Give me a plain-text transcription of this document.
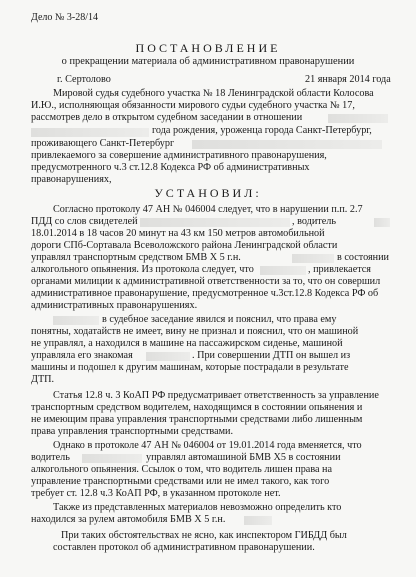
Дело № 3-28/14
ПОСТАНОВЛЕНИЕ
о прекращении материала об административном правонарушении
г. Сертолово	21 января 2014 года
Мировой судья судебного участка № 18 Ленинградской области Колосова
И.Ю., исполняющая обязанности мирового судьи судебного участка № 17,
рассмотрев дело в открытом судебном заседании в отношении
года рождения, уроженца города Санкт-Петербург,
проживающего Санкт-Петербург
привлекаемого за совершение административного правонарушения,
предусмотренного ч.3 ст.12.8 Кодекса РФ об административных
правонарушениях,
УСТАНОВИЛ:
Согласно протоколу 47 АН № 046004 следует, что в нарушении п.п. 2.7
ПДД со слов свидетелей	, водитель
18.01.2014 в 18 часов 20 минут на 43 км 150 метров автомобильной
дороги СПб-Сортавала Всеволожского района Ленинградской области
управлял транспортным средством БМВ Х 5 г.н.	в состоянии
алкогольного опьянения. Из протокола следует, что	, привлекается
органами милиции к административной ответственности за то, что он совершил
административное правонарушение, предусмотренное ч.3ст.12.8 Кодекса РФ об
административных правонарушениях.
в судебное заседание явился и пояснил, что права ему
понятны, ходатайств не имеет, вину не признал и пояснил, что он машиной
не управлял, а находился в машине на пассажирском сиденье, машиной
управляла его знакомая	. При совершении ДТП он вышел из
машины и подошел к другим машинам, которые пострадали в результате
ДТП.
Статья 12.8 ч. 3 КоАП РФ предусматривает ответственность за управление
транспортным средством водителем, находящимся в состоянии опьянения и
не имеющим права управления транспортными средствами либо лишенным
права управления транспортными средствами.
Однако в протоколе 47 АН № 046004 от 19.01.2014 года вменяется, что
водитель	управлял автомашиной БМВ Х5 в состоянии
алкогольного опьянения. Ссылок о том, что водитель лишен права на
управление транспортными средствами или не имел такого, как того
требует ст. 12.8 ч.3 КоАП РФ, в указанном протоколе нет.
Также из представленных материалов невозможно определить кто
находился за рулем автомобиля БМВ Х 5 г.н.
При таких обстоятельствах не ясно, как инспектором ГИБДД был
составлен протокол об административном правонарушении.
